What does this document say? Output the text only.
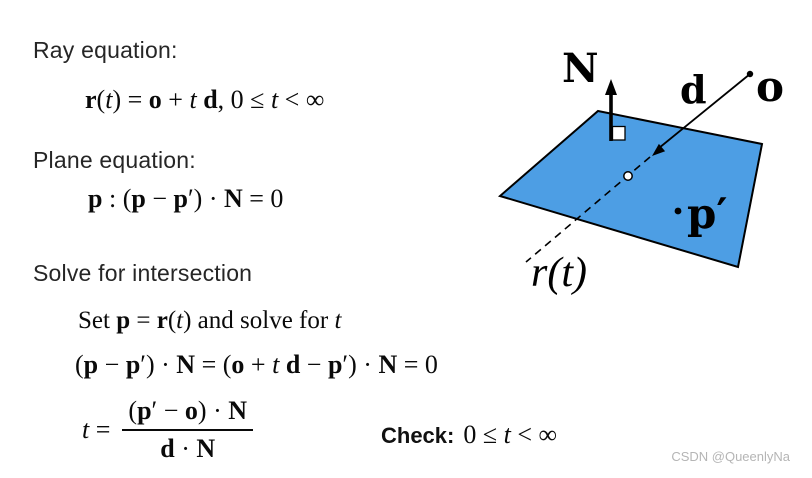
Ray equation:
r(t) = o + t d, 0 ≤ t < ∞
Plane equation:
p : (p − p′) · N = 0
Solve for intersection
Set p = r(t) and solve for t
(p − p′) · N = (o + t d − p′) · N = 0
$t = \frac{(p' - o) \cdot N}{d \cdot N}$	Check: 0 ≤ t < ∞
N d o
p′
r(t)
CSDN @QueenlyNa
